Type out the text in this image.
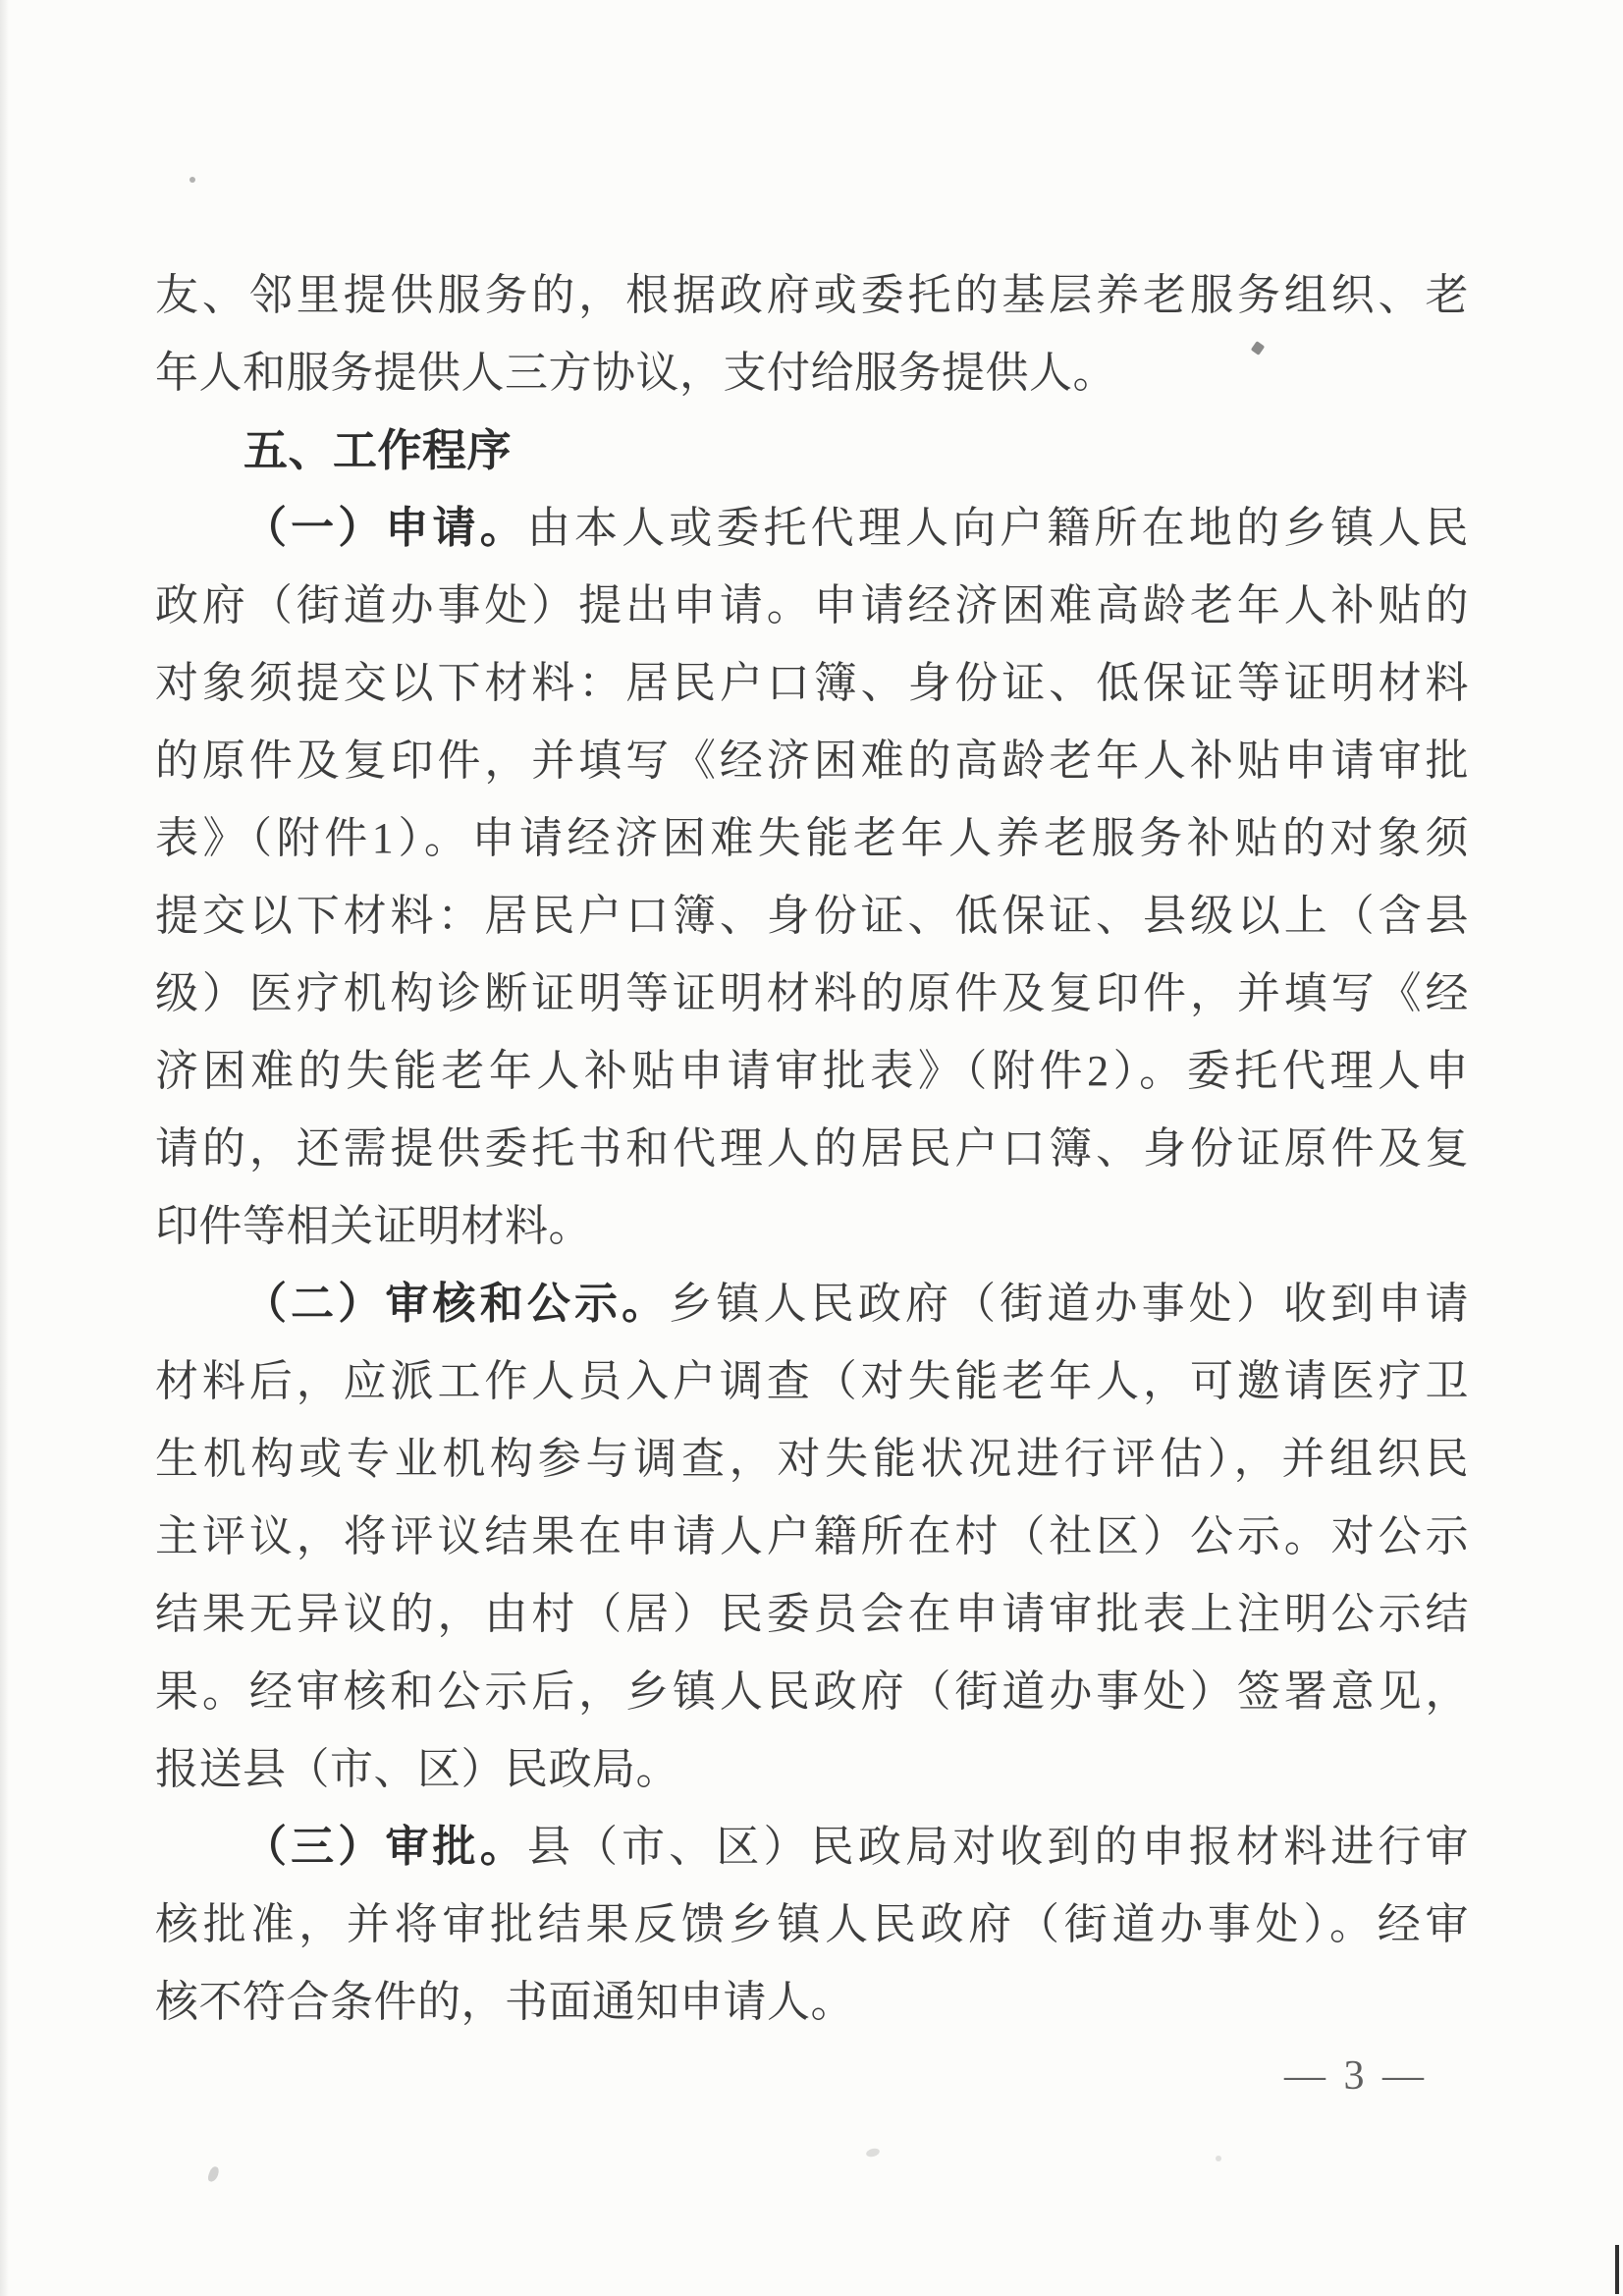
友、邻里提供服务的，根据政府或委托的基层养老服务组织、老
年人和服务提供人三方协议，支付给服务提供人。
五、工作程序
（一）申请。由本人或委托代理人向户籍所在地的乡镇人民
政府（街道办事处）提出申请。申请经济困难高龄老年人补贴的
对象须提交以下材料：居民户口簿、身份证、低保证等证明材料
的原件及复印件，并填写《经济困难的高龄老年人补贴申请审批
表》（附件1）。申请经济困难失能老年人养老服务补贴的对象须
提交以下材料：居民户口簿、身份证、低保证、县级以上（含县
级）医疗机构诊断证明等证明材料的原件及复印件，并填写《经
济困难的失能老年人补贴申请审批表》（附件2）。委托代理人申
请的，还需提供委托书和代理人的居民户口簿、身份证原件及复
印件等相关证明材料。
（二）审核和公示。乡镇人民政府（街道办事处）收到申请
材料后，应派工作人员入户调查（对失能老年人，可邀请医疗卫
生机构或专业机构参与调查，对失能状况进行评估），并组织民
主评议，将评议结果在申请人户籍所在村（社区）公示。对公示
结果无异议的，由村（居）民委员会在申请审批表上注明公示结
果。经审核和公示后，乡镇人民政府（街道办事处）签署意见，
报送县（市、区）民政局。
（三）审批。县（市、区）民政局对收到的申报材料进行审
核批准，并将审批结果反馈乡镇人民政府（街道办事处）。经审
核不符合条件的，书面通知申请人。
— 3 —
